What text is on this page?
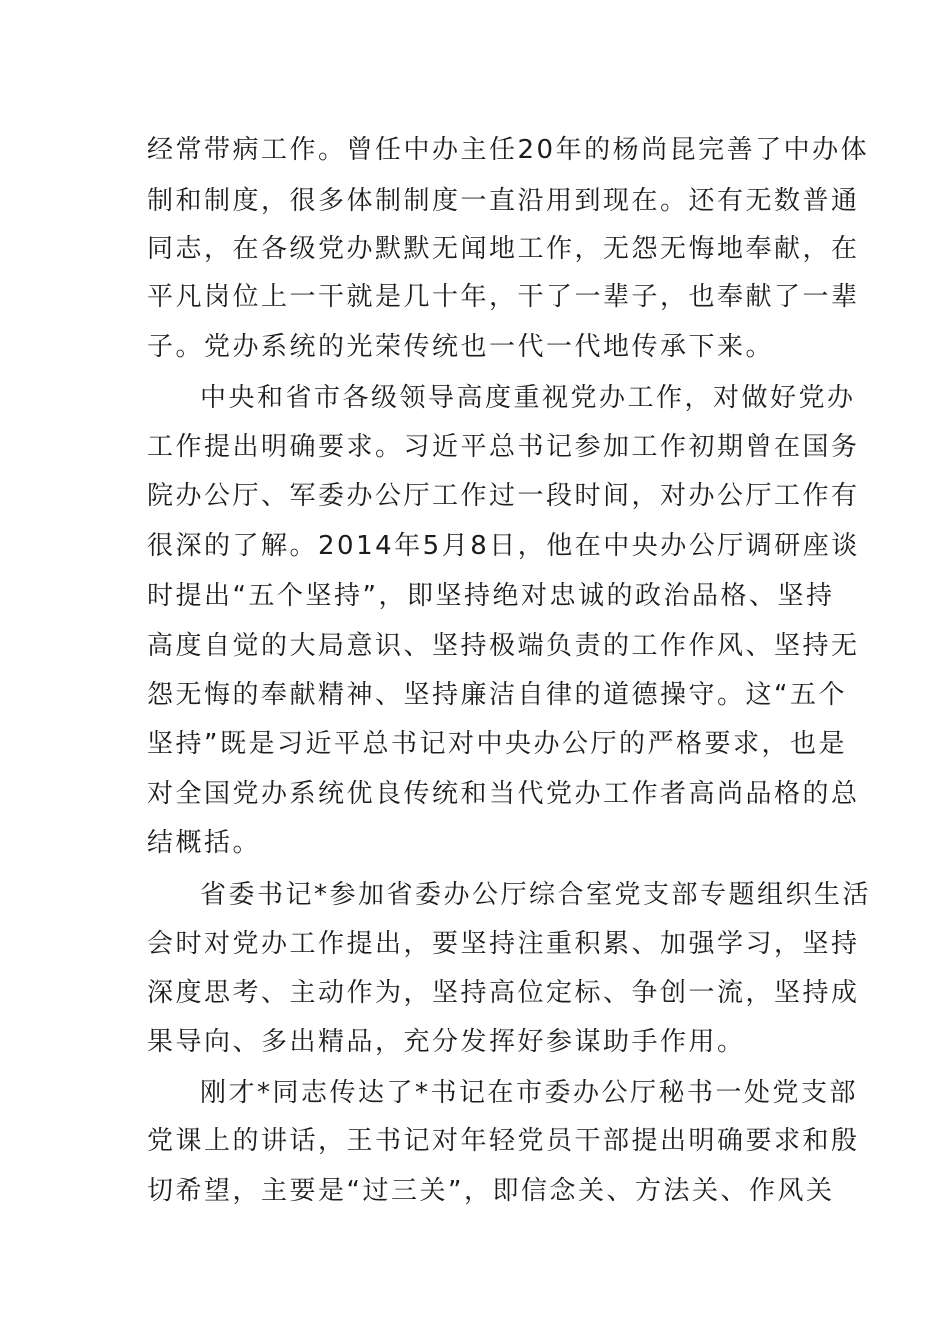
经常带病工作。曾任中办主任20年的杨尚昆完善了中办体
制和制度，很多体制制度一直沿用到现在。还有无数普通
同志，在各级党办默默无闻地工作，无怨无悔地奉献，在
平凡岗位上一干就是几十年，干了一辈子，也奉献了一辈
子。党办系统的光荣传统也一代一代地传承下来。
中央和省市各级领导高度重视党办工作，对做好党办
工作提出明确要求。习近平总书记参加工作初期曾在国务
院办公厅、军委办公厅工作过一段时间，对办公厅工作有
很深的了解。2014年5月8日，他在中央办公厅调研座谈
时提出“五个坚持”，即坚持绝对忠诚的政治品格、坚持
高度自觉的大局意识、坚持极端负责的工作作风、坚持无
怨无悔的奉献精神、坚持廉洁自律的道德操守。这“五个
坚持”既是习近平总书记对中央办公厅的严格要求，也是
对全国党办系统优良传统和当代党办工作者高尚品格的总
结概括。
省委书记*参加省委办公厅综合室党支部专题组织生活
会时对党办工作提出，要坚持注重积累、加强学习，坚持
深度思考、主动作为，坚持高位定标、争创一流，坚持成
果导向、多出精品，充分发挥好参谋助手作用。
刚才*同志传达了*书记在市委办公厅秘书一处党支部
党课上的讲话，王书记对年轻党员干部提出明确要求和殷
切希望，主要是“过三关”，即信念关、方法关、作风关
